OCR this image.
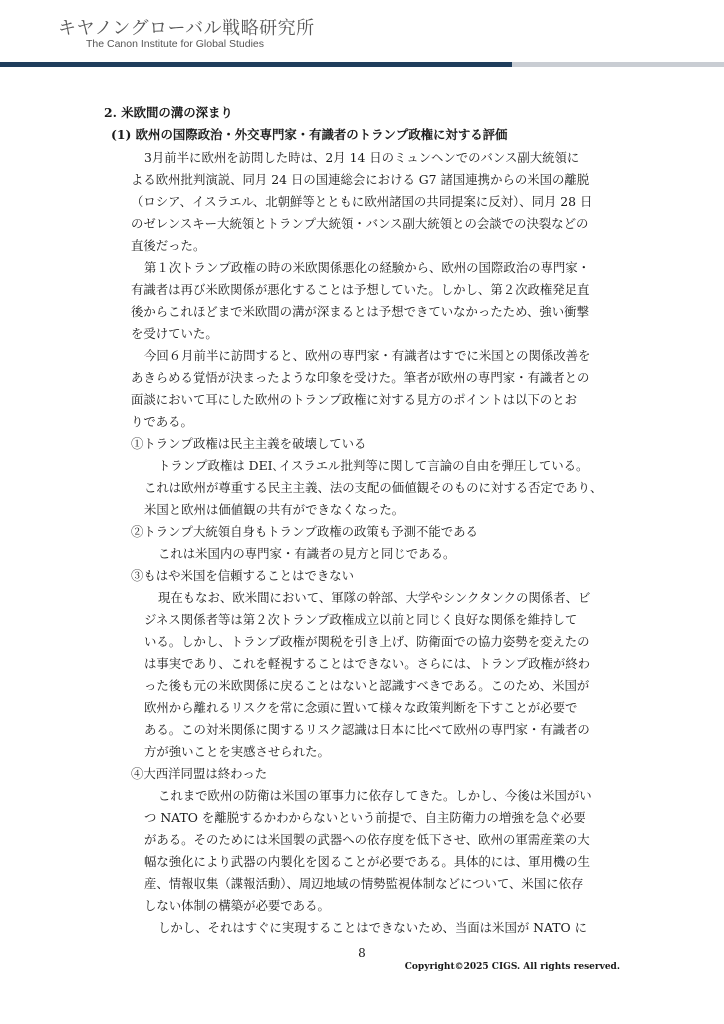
キヤノングローバル戦略研究所
The Canon Institute for Global Studies
2. 米欧間の溝の深まり
(1) 欧州の国際政治・外交専門家・有識者のトランプ政権に対する評価
3月前半に欧州を訪問した時は、2月 14 日のミュンヘンでのバンス副大統領に
よる欧州批判演説、同月 24 日の国連総会における G7 諸国連携からの米国の離脱
（ロシア、イスラエル、北朝鮮等とともに欧州諸国の共同提案に反対）、同月 28 日
のゼレンスキー大統領とトランプ大統領・バンス副大統領との会談での決裂などの
直後だった。
第１次トランプ政権の時の米欧関係悪化の経験から、欧州の国際政治の専門家・
有識者は再び米欧関係が悪化することは予想していた。しかし、第２次政権発足直
後からこれほどまで米欧間の溝が深まるとは予想できていなかったため、強い衝撃
を受けていた。
今回６月前半に訪問すると、欧州の専門家・有識者はすでに米国との関係改善を
あきらめる覚悟が決まったような印象を受けた。筆者が欧州の専門家・有識者との
面談において耳にした欧州のトランプ政権に対する見方のポイントは以下のとお
りである。
①トランプ政権は民主主義を破壊している
トランプ政権は DEI､イスラエル批判等に関して言論の自由を弾圧している。
これは欧州が尊重する民主主義、法の支配の価値観そのものに対する否定であり、
米国と欧州は価値観の共有ができなくなった。
②トランプ大統領自身もトランプ政権の政策も予測不能である
これは米国内の専門家・有識者の見方と同じである。
③もはや米国を信頼することはできない
現在もなお、欧米間において、軍隊の幹部、大学やシンクタンクの関係者、ビ
ジネス関係者等は第２次トランプ政権成立以前と同じく良好な関係を維持して
いる。しかし、トランプ政権が関税を引き上げ、防衛面での協力姿勢を変えたの
は事実であり、これを軽視することはできない。さらには、トランプ政権が終わ
った後も元の米欧関係に戻ることはないと認識すべきである。このため、米国が
欧州から離れるリスクを常に念頭に置いて様々な政策判断を下すことが必要で
ある。この対米関係に関するリスク認識は日本に比べて欧州の専門家・有識者の
方が強いことを実感させられた。
④大西洋同盟は終わった
これまで欧州の防衛は米国の軍事力に依存してきた。しかし、今後は米国がい
つ NATO を離脱するかわからないという前提で、自主防衛力の増強を急ぐ必要
がある。そのためには米国製の武器への依存度を低下させ、欧州の軍需産業の大
幅な強化により武器の内製化を図ることが必要である。具体的には、軍用機の生
産、情報収集（諜報活動）、周辺地域の情勢監視体制などについて、米国に依存
しない体制の構築が必要である。
しかし、それはすぐに実現することはできないため、当面は米国が NATO に
8
Copyright©2025 CIGS. All rights reserved.
